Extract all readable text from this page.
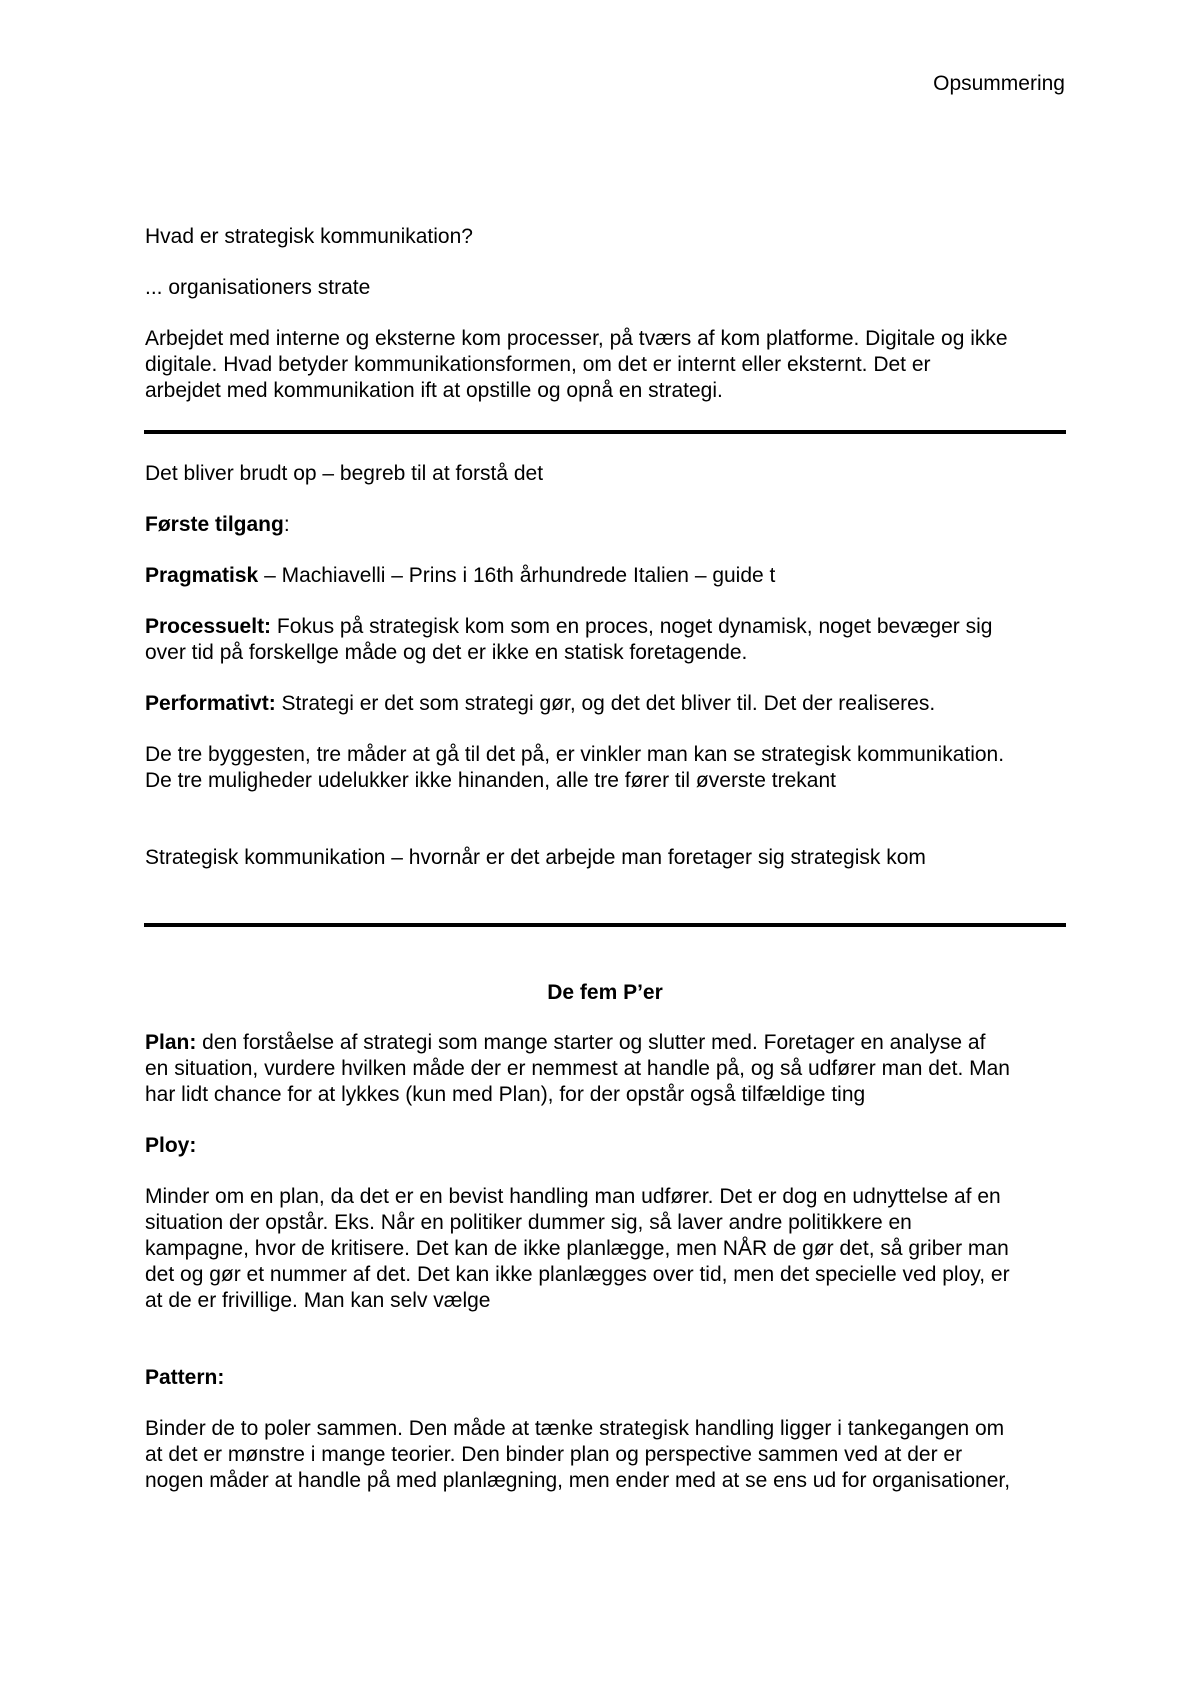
Opsummering
Hvad er strategisk kommunikation?
... organisationers strate
Arbejdet med interne og eksterne kom processer, på tværs af kom platforme. Digitale og ikke
digitale. Hvad betyder kommunikationsformen, om det er internt eller eksternt. Det er
arbejdet med kommunikation ift at opstille og opnå en strategi.
Det bliver brudt op – begreb til at forstå det
Første tilgang:
Pragmatisk – Machiavelli – Prins i 16th århundrede Italien – guide t
Processuelt: Fokus på strategisk kom som en proces, noget dynamisk, noget bevæger sig
over tid på forskellge måde og det er ikke en statisk foretagende.
Performativt: Strategi er det som strategi gør, og det det bliver til. Det der realiseres.
De tre byggesten, tre måder at gå til det på, er vinkler man kan se strategisk kommunikation.
De tre muligheder udelukker ikke hinanden, alle tre fører til øverste trekant
Strategisk kommunikation – hvornår er det arbejde man foretager sig strategisk kom
De fem P’er
Plan: den forståelse af strategi som mange starter og slutter med. Foretager en analyse af
en situation, vurdere hvilken måde der er nemmest at handle på, og så udfører man det. Man
har lidt chance for at lykkes (kun med Plan), for der opstår også tilfældige ting
Ploy:
Minder om en plan, da det er en bevist handling man udfører. Det er dog en udnyttelse af en
situation der opstår. Eks. Når en politiker dummer sig, så laver andre politikkere en
kampagne, hvor de kritisere. Det kan de ikke planlægge, men NÅR de gør det, så griber man
det og gør et nummer af det. Det kan ikke planlægges over tid, men det specielle ved ploy, er
at de er frivillige. Man kan selv vælge
Pattern:
Binder de to poler sammen. Den måde at tænke strategisk handling ligger i tankegangen om
at det er mønstre i mange teorier. Den binder plan og perspective sammen ved at der er
nogen måder at handle på med planlægning, men ender med at se ens ud for organisationer,
